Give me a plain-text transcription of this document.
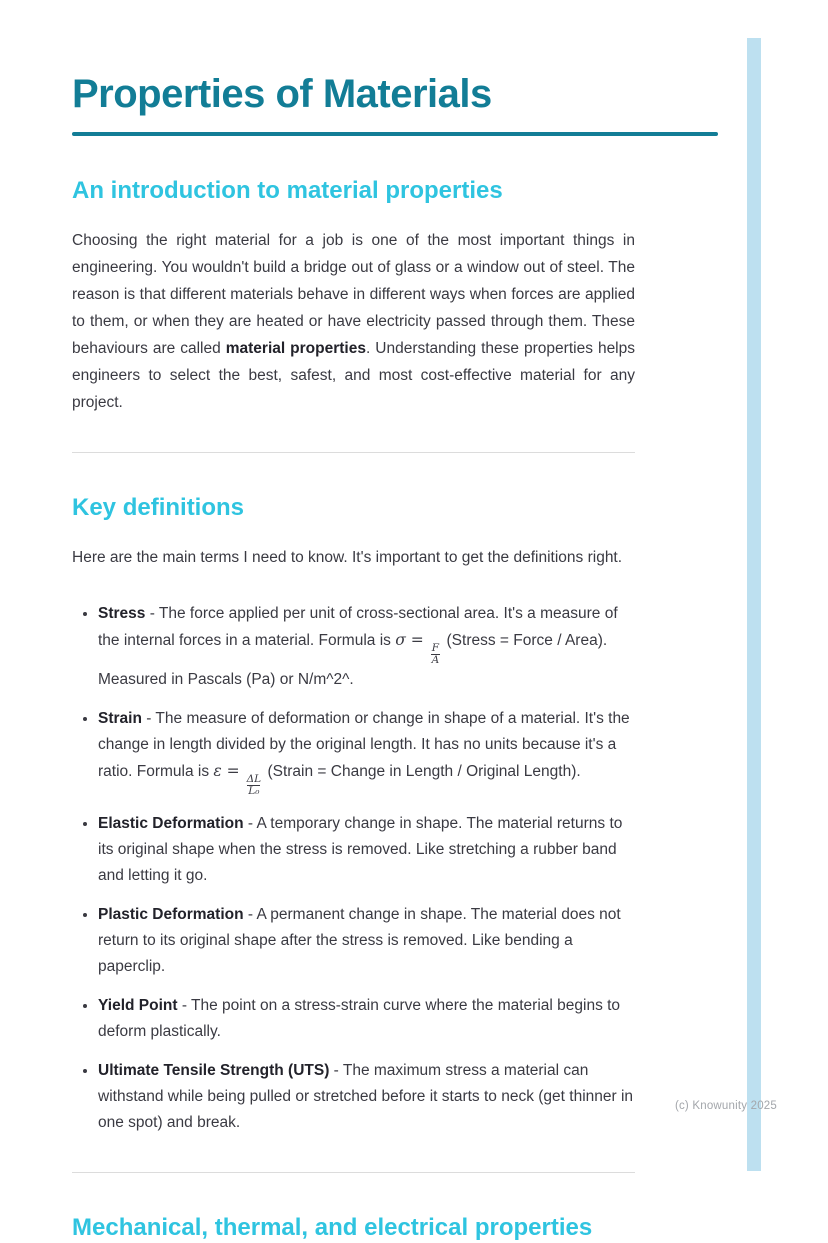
(c) Knowunity 2025
Properties of Materials
An introduction to material properties

Choosing the right material for a job is one of the most important things in engineering. You wouldn't build a bridge out of glass or a window out of steel. The reason is that different materials behave in different ways when forces are applied to them, or when they are heated or have electricity passed through them. These behaviours are called material properties. Understanding these properties helps engineers to select the best, safest, and most cost-effective material for any project.

Key definitions

Here are the main terms I need to know. It's important to get the definitions right.

• Stress - The force applied per unit of cross-sectional area. It's a measure of the internal forces in a material. Formula is σ =
$\frac{F}{A}$
(Stress = Force / Area). Measured in Pascals (Pa) or N/m^2^.
• Strain - The measure of deformation or change in shape of a material. It's the change in length divided by the original length. It has no units because it's a ratio. Formula is ε =
$\frac{\Delta L}{\text{L₀}}$
(Strain = Change in Length / Original Length).
• Elastic Deformation - A temporary change in shape. The material returns to its original shape when the stress is removed. Like stretching a rubber band and letting it go.
• Plastic Deformation - A permanent change in shape. The material does not return to its original shape after the stress is removed. Like bending a paperclip.
• Yield Point - The point on a stress-strain curve where the material begins to deform plastically.
• Ultimate Tensile Strength (UTS) - The maximum stress a material can withstand while being pulled or stretched before it starts to neck (get thinner in one spot) and break.
Mechanical, thermal, and electrical properties
